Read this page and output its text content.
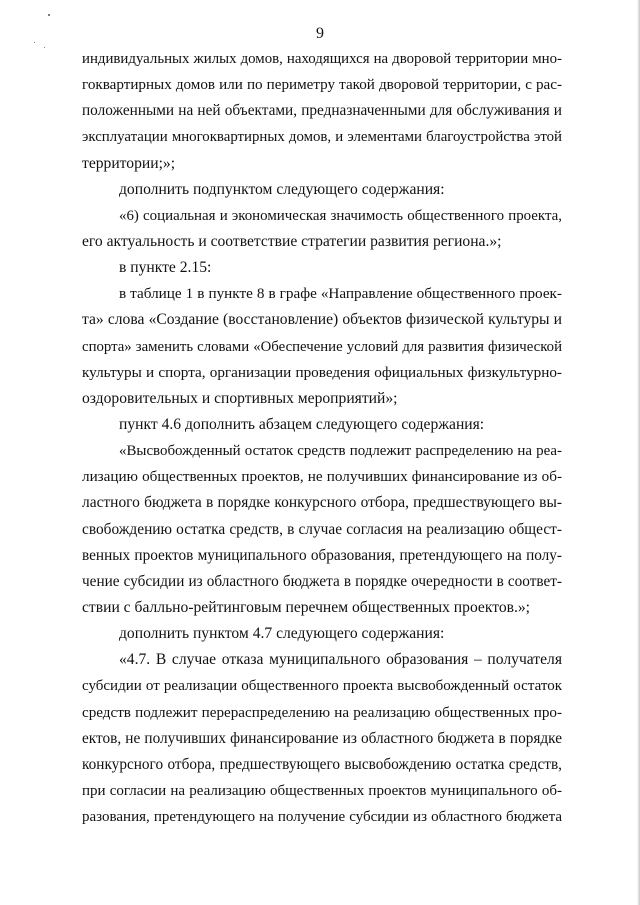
9
индивидуальных жилых домов, находящихся на дворовой территории мно-
гоквартирных домов или по периметру такой дворовой территории, с рас-
положенными на ней объектами, предназначенными для обслуживания и
эксплуатации многоквартирных домов, и элементами благоустройства этой
территории;»;
дополнить подпунктом следующего содержания:
«6) социальная и экономическая значимость общественного проекта,
его актуальность и соответствие стратегии развития региона.»;
в пункте 2.15:
в таблице 1 в пункте 8 в графе «Направление общественного проек-
та» слова «Создание (восстановление) объектов физической культуры и
спорта» заменить словами «Обеспечение условий для развития физической
культуры и спорта, организации проведения официальных физкультурно-
оздоровительных и спортивных мероприятий»;
пункт 4.6 дополнить абзацем следующего содержания:
«Высвобожденный остаток средств подлежит распределению на реа-
лизацию общественных проектов, не получивших финансирование из об-
ластного бюджета в порядке конкурсного отбора, предшествующего вы-
свобождению остатка средств, в случае согласия на реализацию общест-
венных проектов муниципального образования, претендующего на полу-
чение субсидии из областного бюджета в порядке очередности в соответ-
ствии с балльно-рейтинговым перечнем общественных проектов.»;
дополнить пунктом 4.7 следующего содержания:
«4.7. В случае отказа муниципального образования – получателя
субсидии от реализации общественного проекта высвобожденный остаток
средств подлежит перераспределению на реализацию общественных про-
ектов, не получивших финансирование из областного бюджета в порядке
конкурсного отбора, предшествующего высвобождению остатка средств,
при согласии на реализацию общественных проектов муниципального об-
разования, претендующего на получение субсидии из областного бюджета
